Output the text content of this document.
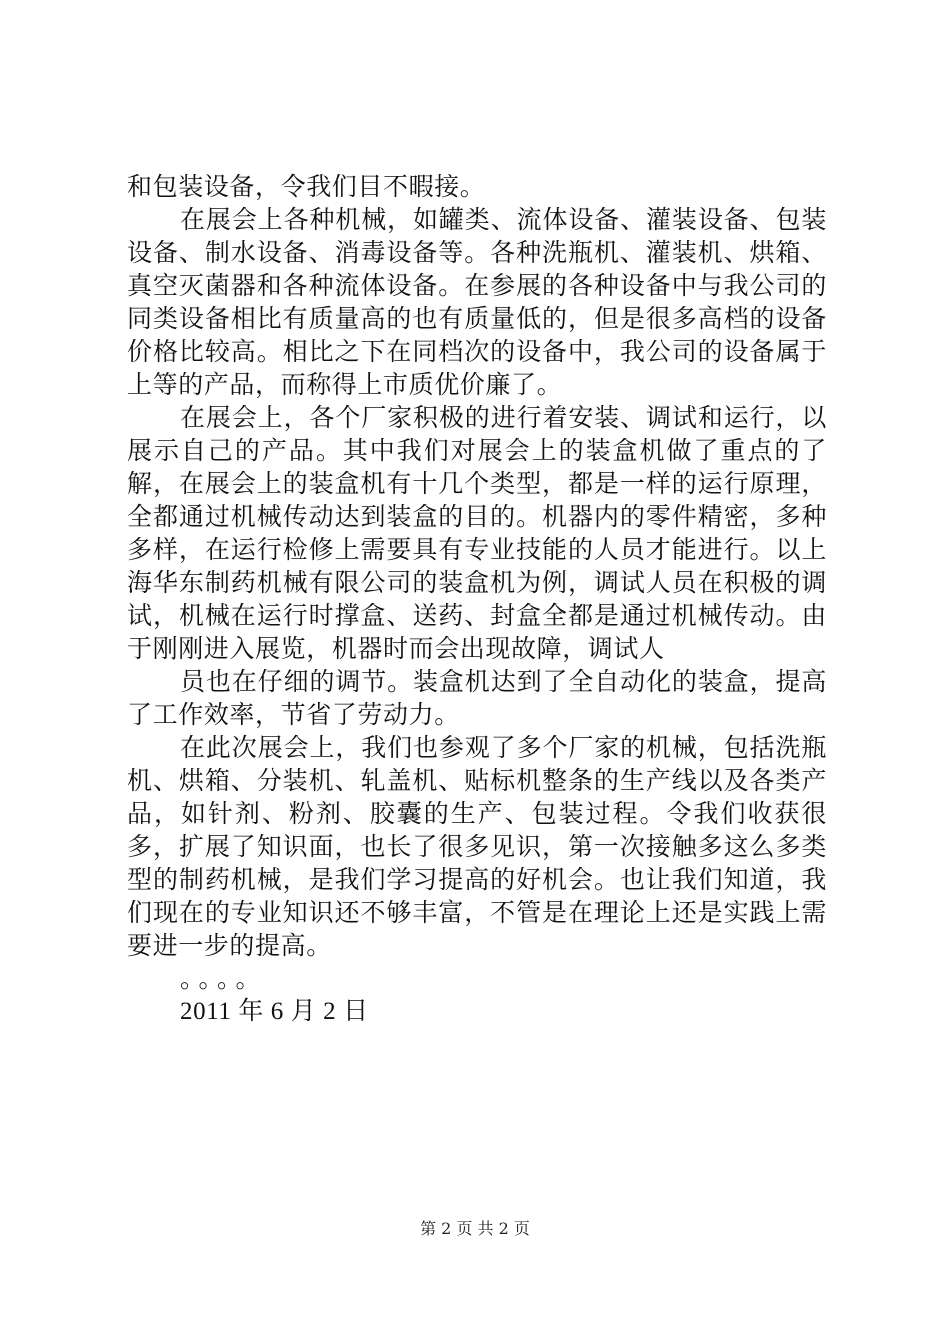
和包装设备，令我们目不暇接。

在展会上各种机械，如罐类、流体设备、灌装设备、包装设备、制水设备、消毒设备等。各种洗瓶机、灌装机、烘箱、真空灭菌器和各种流体设备。在参展的各种设备中与我公司的同类设备相比有质量高的也有质量低的，但是很多高档的设备价格比较高。相比之下在同档次的设备中，我公司的设备属于上等的产品，而称得上市质优价廉了。

在展会上，各个厂家积极的进行着安装、调试和运行，以展示自己的产品。其中我们对展会上的装盒机做了重点的了解，在展会上的装盒机有十几个类型，都是一样的运行原理，全都通过机械传动达到装盒的目的。机器内的零件精密，多种多样，在运行检修上需要具有专业技能的人员才能进行。以上海华东制药机械有限公司的装盒机为例，调试人员在积极的调试，机械在运行时撑盒、送药、封盒全都是通过机械传动。由于刚刚进入展览，机器时而会出现故障，调试人

员也在仔细的调节。装盒机达到了全自动化的装盒，提高了工作效率，节省了劳动力。

在此次展会上，我们也参观了多个厂家的机械，包括洗瓶机、烘箱、分装机、轧盖机、贴标机整条的生产线以及各类产品，如针剂、粉剂、胶囊的生产、包装过程。令我们收获很多，扩展了知识面，也长了很多见识，第一次接触多这么多类型的制药机械，是我们学习提高的好机会。也让我们知道，我们现在的专业知识还不够丰富，不管是在理论上还是实践上需要进一步的提高。

。。。。

2011 年 6 月 2 日

第 2 页 共 2 页
